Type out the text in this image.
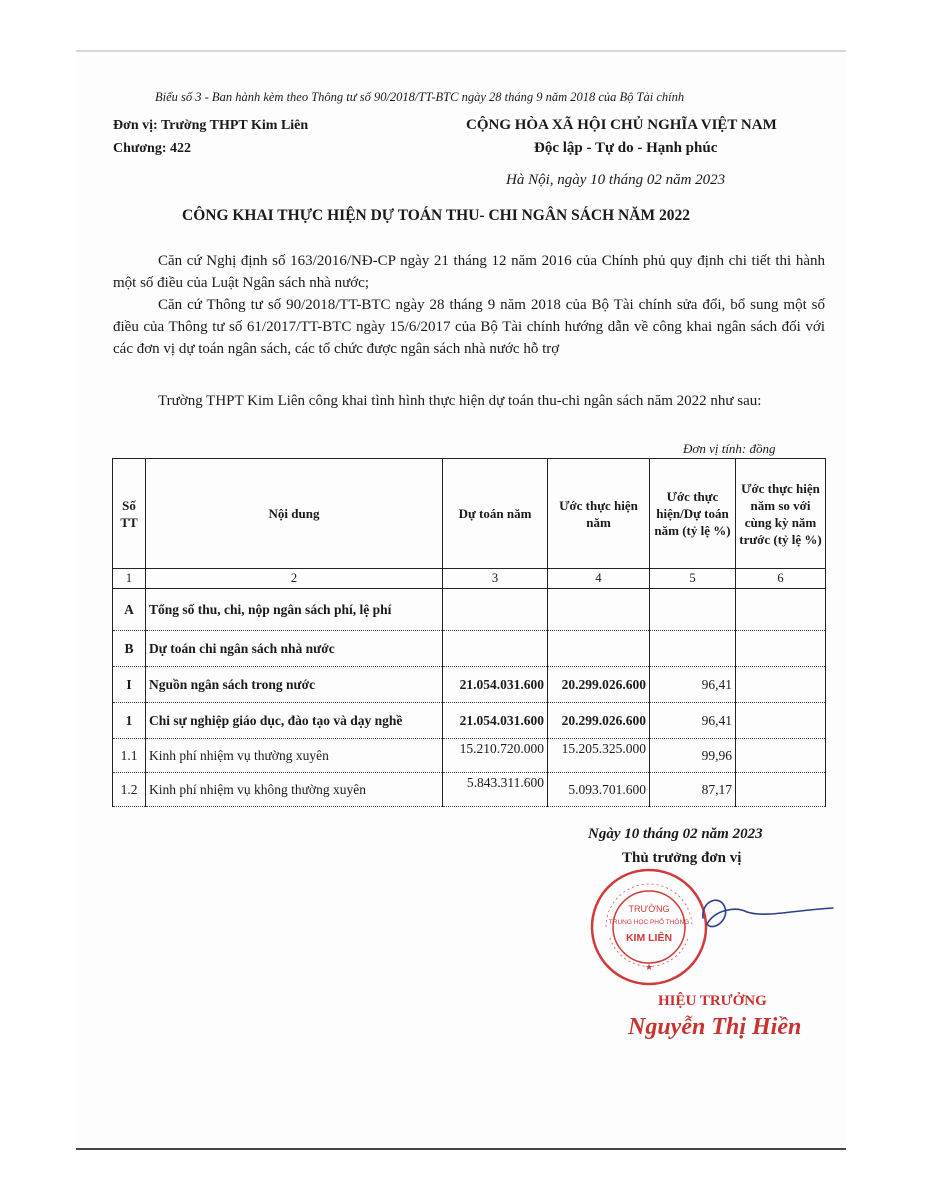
Biểu số 3 - Ban hành kèm theo Thông tư số 90/2018/TT-BTC ngày 28 tháng 9 năm 2018 của Bộ Tài chính
Đơn vị: Trường THPT Kim Liên
Chương: 422
CỘNG HÒA XÃ HỘI CHỦ NGHĨA VIỆT NAM
Độc lập - Tự do - Hạnh phúc
Hà Nội, ngày 10 tháng 02 năm 2023
CÔNG KHAI THỰC HIỆN DỰ TOÁN THU- CHI NGÂN SÁCH NĂM 2022
Căn cứ Nghị định số 163/2016/NĐ-CP ngày 21 tháng 12 năm 2016 của Chính phủ quy định chi tiết thi hành một số điều của Luật Ngân sách nhà nước;
Căn cứ Thông tư số 90/2018/TT-BTC ngày 28 tháng 9 năm 2018 của Bộ Tài chính sửa đổi, bổ sung một số điều của Thông tư số 61/2017/TT-BTC ngày 15/6/2017 của Bộ Tài chính hướng dẫn về công khai ngân sách đối với các đơn vị dự toán ngân sách, các tổ chức được ngân sách nhà nước hỗ trợ
Trường THPT Kim Liên công khai tình hình thực hiện dự toán thu-chi ngân sách năm 2022 như sau:
Đơn vị tính: đồng
Số TT	Nội dung	Dự toán năm	Ước thực hiện năm	Ước thực hiện/Dự toán năm (tỷ lệ %)	Ước thực hiện năm so với cùng kỳ năm trước (tỷ lệ %)
1	2	3	4	5	6
A	Tổng số thu, chi, nộp ngân sách phí, lệ phí				
B	Dự toán chi ngân sách nhà nước				
I	Nguồn ngân sách trong nước	21.054.031.600	20.299.026.600	96,41	
1	Chi sự nghiệp giáo dục, đào tạo và dạy nghề	21.054.031.600	20.299.026.600	96,41	
1.1	Kinh phí nhiệm vụ thường xuyên	15.210.720.000	15.205.325.000	99,96	
1.2	Kinh phí nhiệm vụ không thường xuyên	5.843.311.600	5.093.701.600	87,17	
Ngày 10 tháng 02 năm 2023
Thủ trưởng đơn vị
★
TRƯỜNG
TRUNG HỌC PHỔ THÔNG
KIM LIÊN
HIỆU TRƯỞNG
Nguyễn Thị Hiền
